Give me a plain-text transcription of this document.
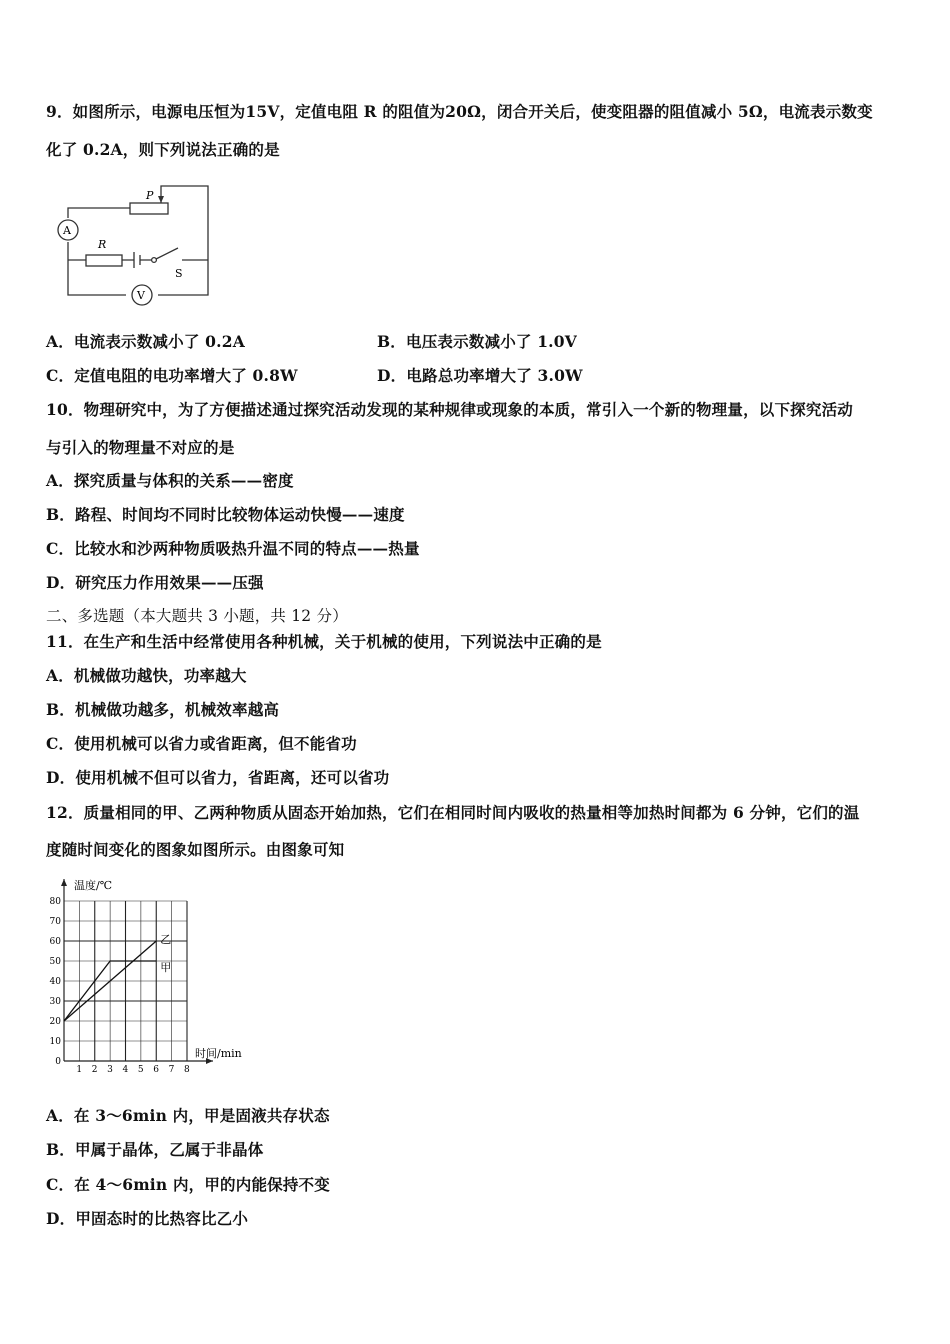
9．如图所示，电源电压恒为15V，定值电阻 R 的阻值为20Ω，闭合开关后，使变阻器的阻值减小 5Ω，电流表示数变
化了 0.2A，则下列说法正确的是
P
A
R
S
V
A．电流表示数减小了 0.2A	B．电压表示数减小了 1.0V
C．定值电阻的电功率增大了 0.8W	D．电路总功率增大了 3.0W
10．物理研究中，为了方便描述通过探究活动发现的某种规律或现象的本质，常引入一个新的物理量，以下探究活动
与引入的物理量不对应的是
A．探究质量与体积的关系——密度
B．路程、时间均不同时比较物体运动快慢——速度
C．比较水和沙两种物质吸热升温不同的特点——热量
D．研究压力作用效果——压强
二、多选题（本大题共 3 小题，共 12 分）
11．在生产和生活中经常使用各种机械，关于机械的使用，下列说法中正确的是
A．机械做功越快，功率越大
B．机械做功越多，机械效率越高
C．使用机械可以省力或省距离，但不能省功
D．使用机械不但可以省力，省距离，还可以省功
12．质量相同的甲、乙两种物质从固态开始加热，它们在相同时间内吸收的热量相等加热时间都为 6 分钟，它们的温
度随时间变化的图象如图所示。由图象可知
1 2 3 4 5 6 7 8
0
10
20
30
40
50
60
70
80
温度/℃
时间/min
甲
乙
A．在 3～6min 内，甲是固液共存状态
B．甲属于晶体，乙属于非晶体
C．在 4～6min 内，甲的内能保持不变
D．甲固态时的比热容比乙小
